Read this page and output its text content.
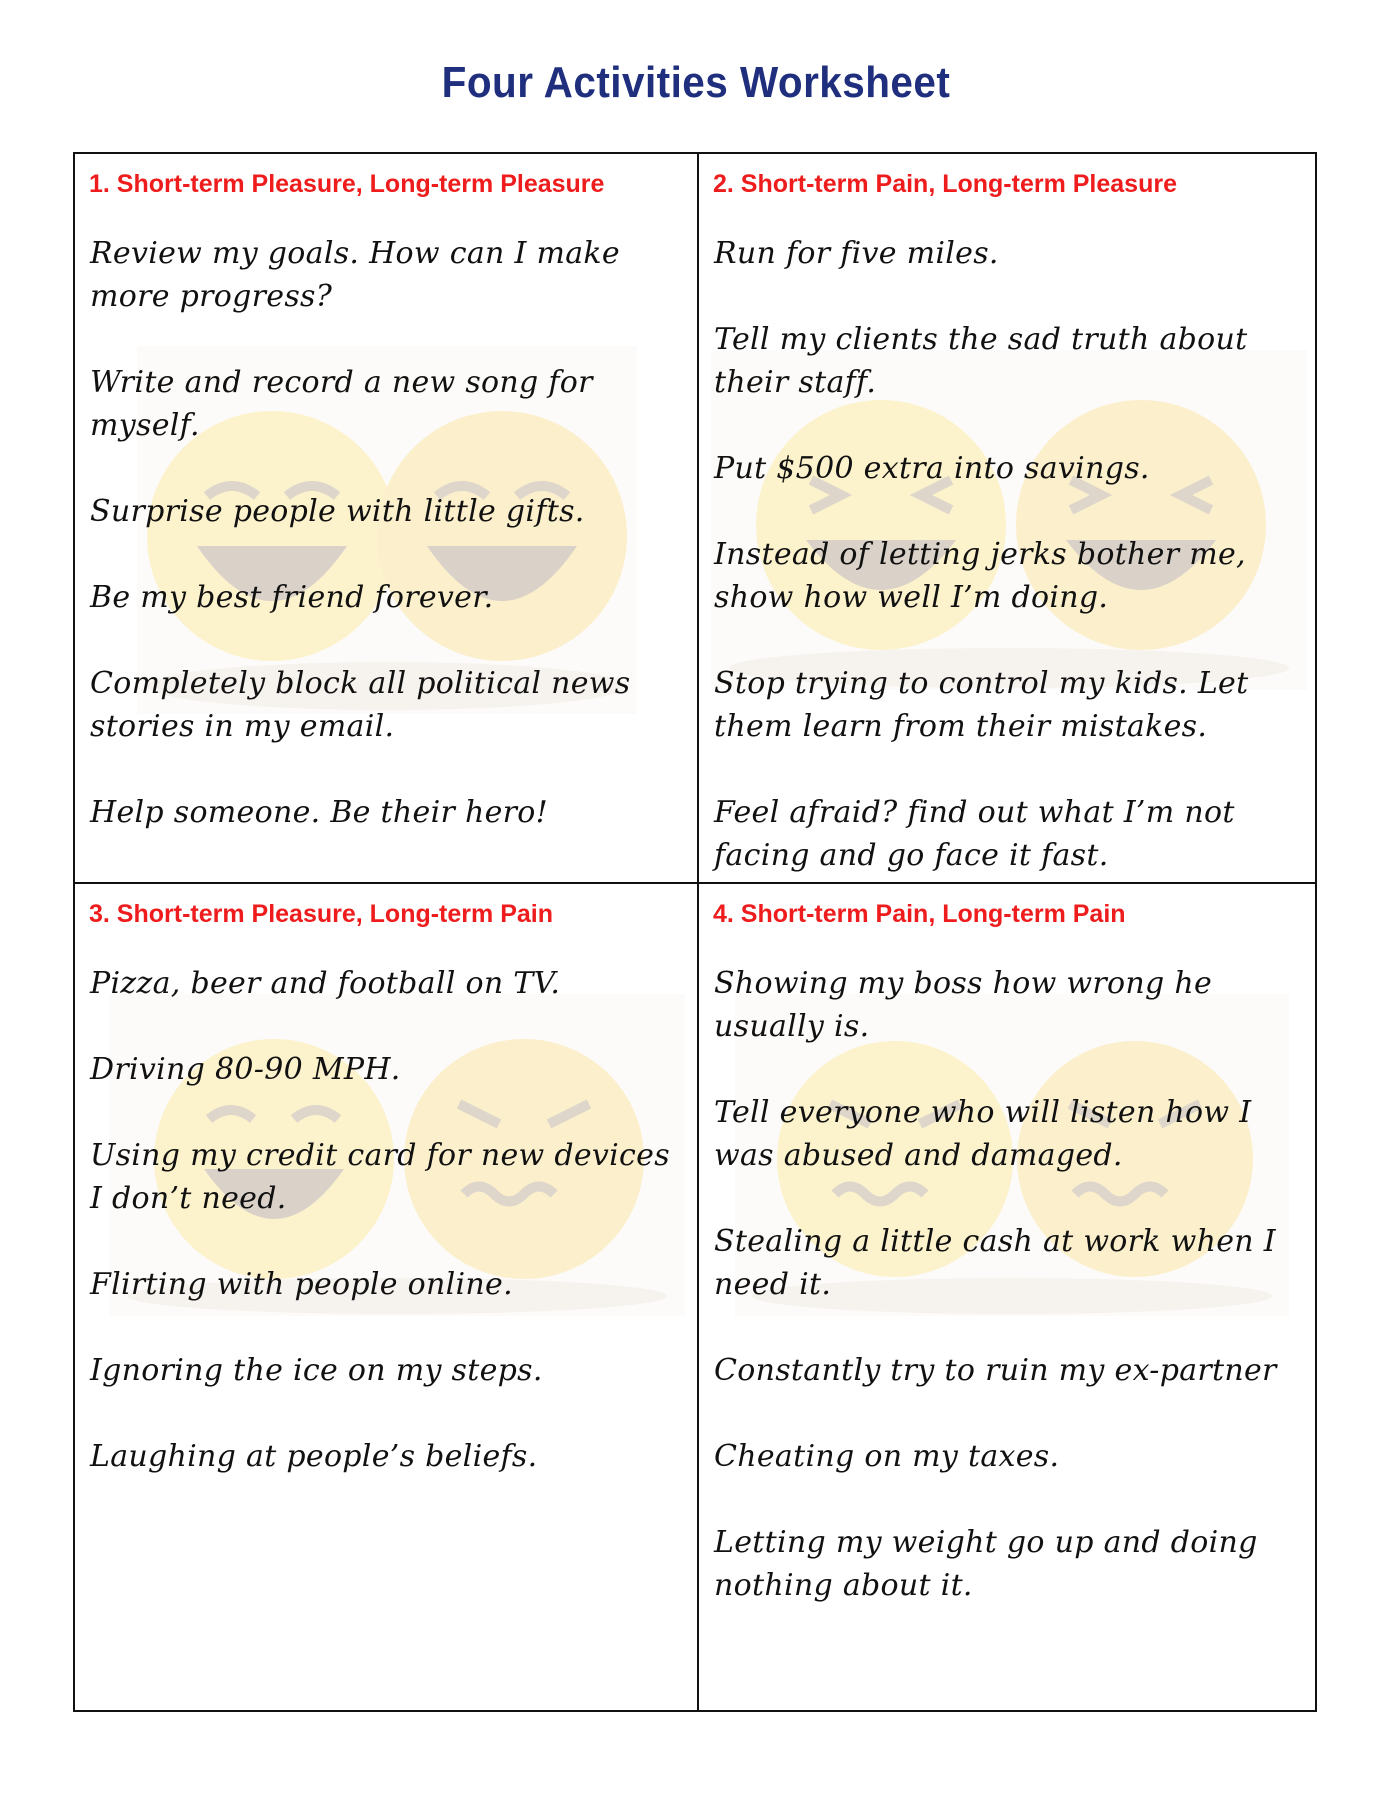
Four Activities Worksheet
1. Short-term Pleasure, Long-term Pleasure
Review my goals. How can I make more progress?
Write and record a new song for myself.
Surprise people with little gifts.
Be my best friend forever.
Completely block all political news stories in my email.
Help someone. Be their hero!
2. Short-term Pain, Long-term Pleasure
Run for five miles.
Tell my clients the sad truth about their staff.
Put $500 extra into savings.
Instead of letting jerks bother me, show how well I’m doing.
Stop trying to control my kids. Let them learn from their mistakes.
Feel afraid? find out what I’m not facing and go face it fast.
3. Short-term Pleasure, Long-term Pain
Pizza, beer and football on TV.
Driving 80-90 MPH.
Using my credit card for new devices I don’t need.
Flirting with people online.
Ignoring the ice on my steps.
Laughing at people’s beliefs.
4. Short-term Pain, Long-term Pain
Showing my boss how wrong he usually is.
Tell everyone who will listen how I was abused and damaged.
Stealing a little cash at work when I need it.
Constantly try to ruin my ex-partner
Cheating on my taxes.
Letting my weight go up and doing nothing about it.
